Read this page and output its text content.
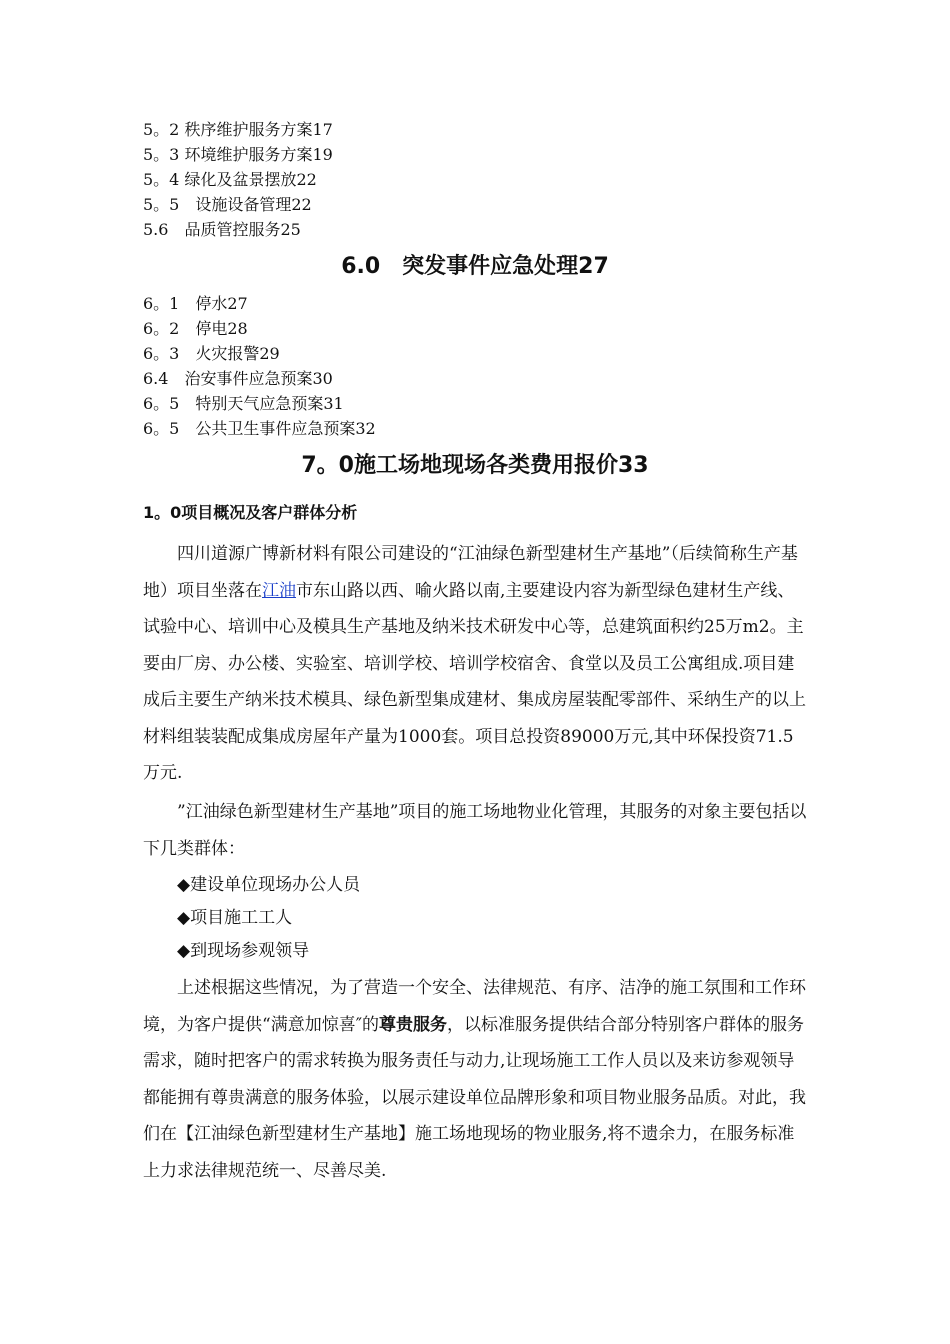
5。2 秩序维护服务方案17
5。3 环境维护服务方案19
5。4 绿化及盆景摆放22
5。5　设施设备管理22
5.6　品质管控服务25
6.0　突发事件应急处理27
6。1　停水27
6。2　停电28
6。3　火灾报警29
6.4　治安事件应急预案30
6。5　特别天气应急预案31
6。5　公共卫生事件应急预案32
7。0施工场地现场各类费用报价33
1。0项目概况及客户群体分析
四川道源广博新材料有限公司建设的“江油绿色新型建材生产基地”（后续简称生产基地）项目坐落在江油市东山路以西、喻火路以南,主要建设内容为新型绿色建材生产线、试验中心、培训中心及模具生产基地及纳米技术研发中心等，总建筑面积约25万m2。主要由厂房、办公楼、实验室、培训学校、培训学校宿舍、食堂以及员工公寓组成.项目建成后主要生产纳米技术模具、绿色新型集成建材、集成房屋装配零部件、采纳生产的以上材料组装装配成集成房屋年产量为1000套。项目总投资89000万元,其中环保投资71.5万元.
”江油绿色新型建材生产基地”项目的施工场地物业化管理，其服务的对象主要包括以下几类群体：
◆建设单位现场办公人员
◆项目施工工人
◆到现场参观领导
上述根据这些情况，为了营造一个安全、法律规范、有序、洁净的施工氛围和工作环境，为客户提供“满意加惊喜″的尊贵服务，以标准服务提供结合部分特别客户群体的服务需求，随时把客户的需求转换为服务责任与动力,让现场施工工作人员以及来访参观领导都能拥有尊贵满意的服务体验，以展示建设单位品牌形象和项目物业服务品质。对此，我们在【江油绿色新型建材生产基地】施工场地现场的物业服务,将不遗余力，在服务标准上力求法律规范统一、尽善尽美.
